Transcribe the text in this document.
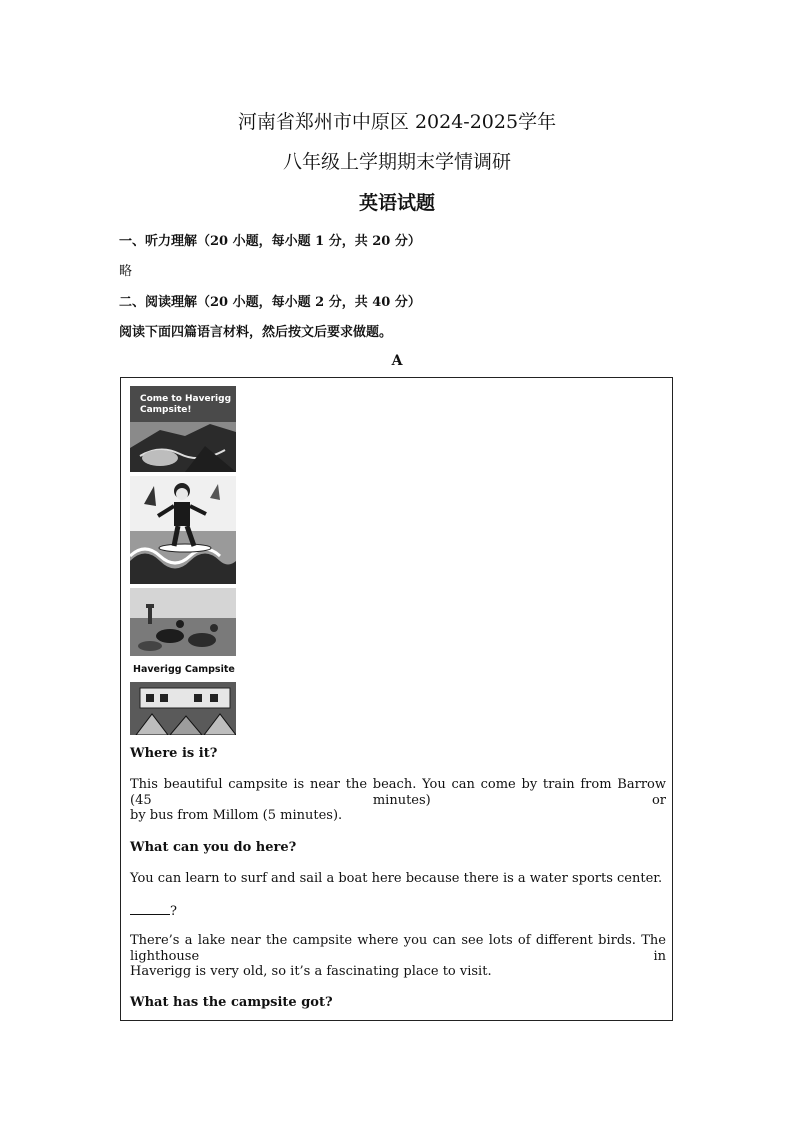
河南省郑州市中原区 2024-2025学年
八年级上学期期末学情调研
英语试题
一、听力理解（20 小题，每小题 1 分，共 20 分）
略
二、阅读理解（20 小题，每小题 2 分，共 40 分）
阅读下面四篇语言材料，然后按文后要求做题。
A
Come to Haverigg Campsite!
Haverigg Campsite
Where is it?
This beautiful campsite is near the beach. You can come by train from Barrow (45 minutes) or
by bus from Millom (5 minutes).
What can you do here?
You can learn to surf and sail a boat here because there is a water sports center.
?
There’s a lake near the campsite where you can see lots of different birds. The lighthouse in
Haverigg is very old, so it’s a fascinating place to visit.
What has the campsite got?
